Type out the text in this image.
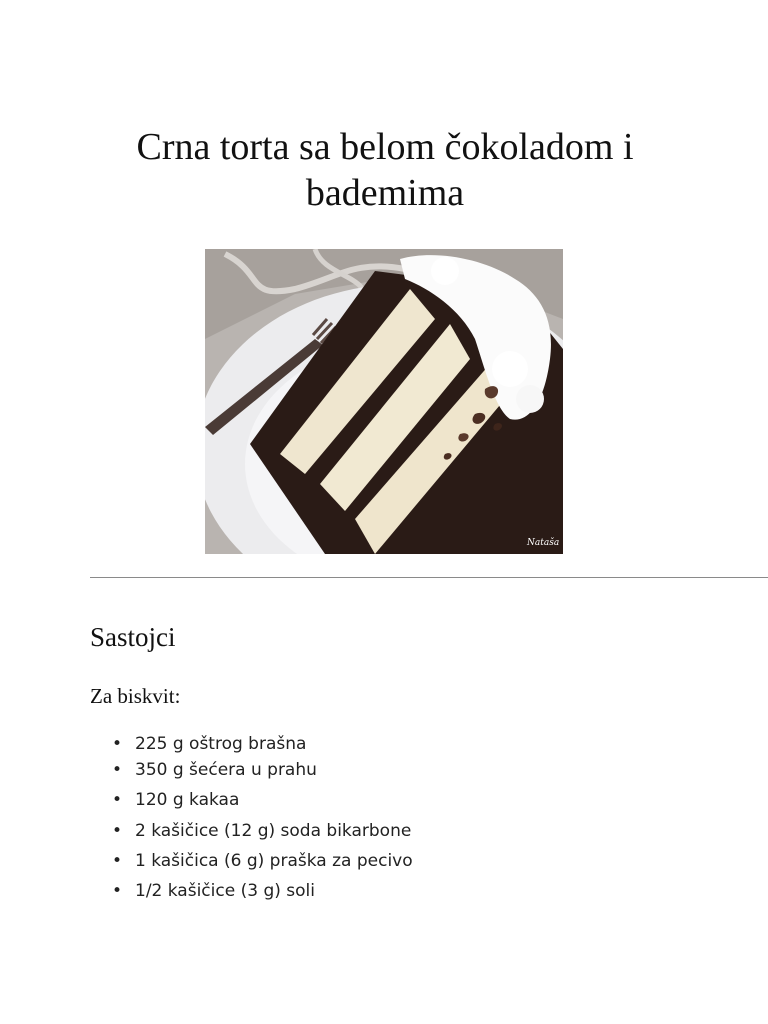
Crna torta sa belom čokoladom i bademima
Nataša
Sastojci

Za biskvit:

• 225 g oštrog brašna
• 350 g šećera u prahu
• 120 g kakaa
• 2 kašičice (12 g) soda bikarbone
• 1 kašičica (6 g) praška za pecivo
• 1/2 kašičice (3 g) soli
